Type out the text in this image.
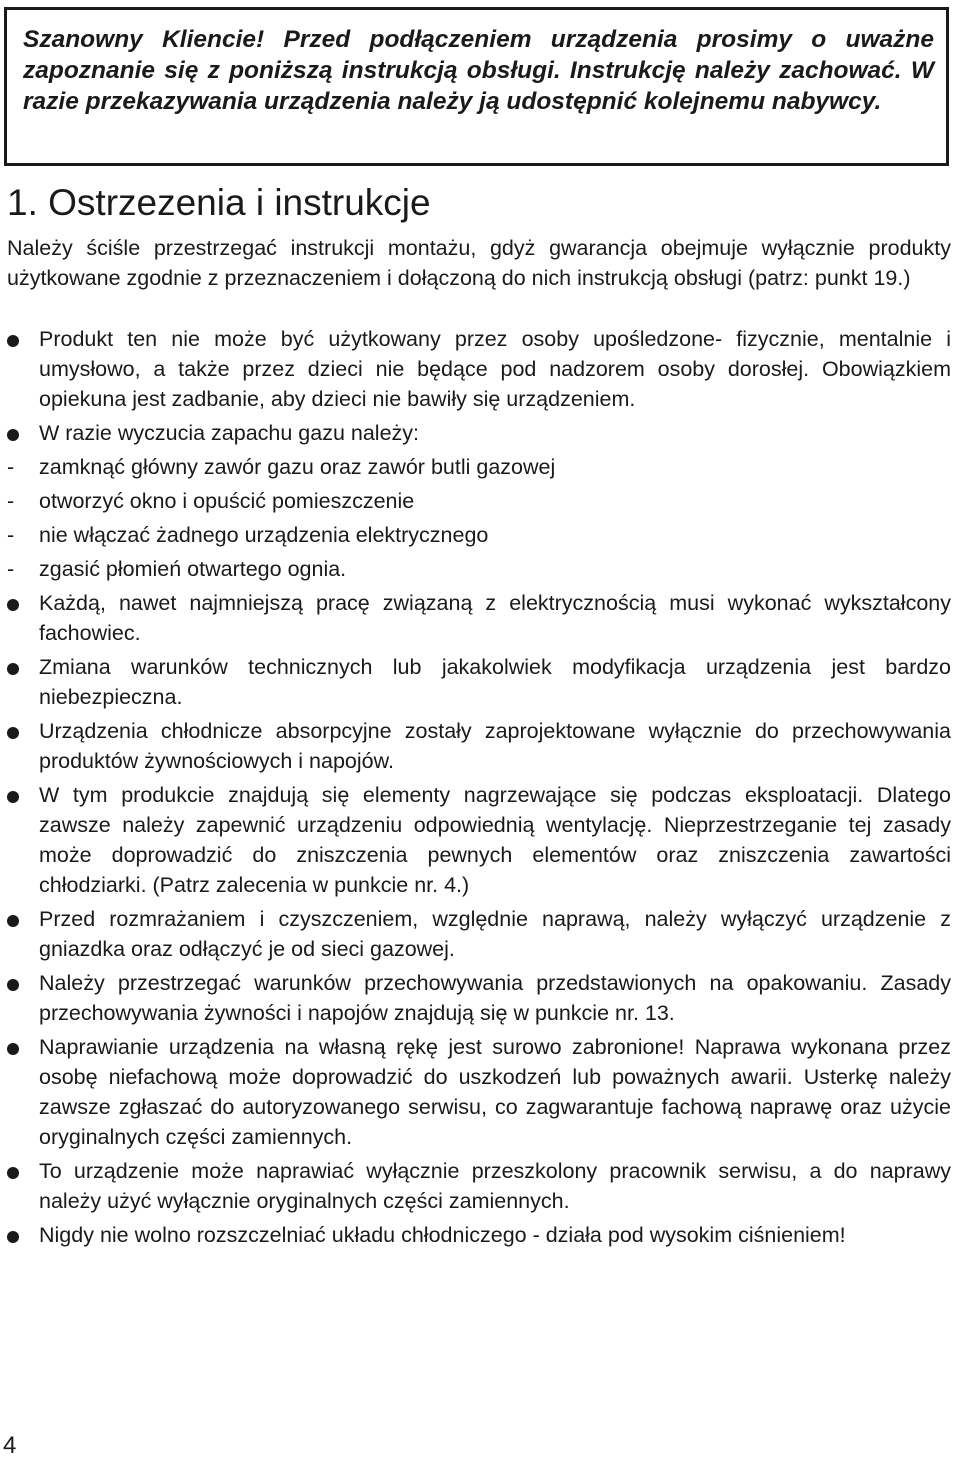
Szanowny Kliencie! Przed podłączeniem urządzenia prosimy o uważne zapoznanie się z poniższą instrukcją obsługi. Instrukcję należy zachować. W razie przekazywania urządzenia należy ją udostępnić kolejnemu nabywcy.

1. Ostrzezenia i instrukcje

Należy ściśle przestrzegać instrukcji montażu, gdyż gwarancja obejmuje wyłącznie produkty użytkowane zgodnie z przeznaczeniem i dołączoną do nich instrukcją obsługi (patrz: punkt 19.)

Produkt ten nie może być użytkowany przez osoby upośledzone- fizycznie, mentalnie i umysłowo, a także przez dzieci nie będące pod nadzorem osoby dorosłej. Obowiązkiem opiekuna jest zadbanie, aby dzieci nie bawiły się urządzeniem.
W razie wyczucia zapachu gazu należy:
- zamknąć główny zawór gazu oraz zawór butli gazowej
- otworzyć okno i opuścić pomieszczenie
- nie włączać żadnego urządzenia elektrycznego
- zgasić płomień otwartego ognia.
Każdą, nawet najmniejszą pracę związaną z elektrycznością musi wykonać wykształcony fachowiec.
Zmiana warunków technicznych lub jakakolwiek modyfikacja urządzenia jest bardzo niebezpieczna.
Urządzenia chłodnicze absorpcyjne zostały zaprojektowane wyłącznie do przechowywania produktów żywnościowych i napojów.
W tym produkcie znajdują się elementy nagrzewające się podczas eksploatacji. Dlatego zawsze należy zapewnić urządzeniu odpowiednią wentylację. Nieprzestrzeganie tej zasady może doprowadzić do zniszczenia pewnych elementów oraz zniszczenia zawartości chłodziarki. (Patrz zalecenia w punkcie nr. 4.)
Przed rozmrażaniem i czyszczeniem, względnie naprawą, należy wyłączyć urządzenie z gniazdka oraz odłączyć je od sieci gazowej.
Należy przestrzegać warunków przechowywania przedstawionych na opakowaniu. Zasady przechowywania żywności i napojów znajdują się w punkcie nr. 13.
Naprawianie urządzenia na własną rękę jest surowo zabronione! Naprawa wykonana przez osobę niefachową może doprowadzić do uszkodzeń lub poważnych awarii. Usterkę należy zawsze zgłaszać do autoryzowanego serwisu, co zagwarantuje fachową naprawę oraz użycie oryginalnych części zamiennych.
To urządzenie może naprawiać wyłącznie przeszkolony pracownik serwisu, a do naprawy należy użyć wyłącznie oryginalnych części zamiennych.
Nigdy nie wolno rozszczelniać układu chłodniczego - działa pod wysokim ciśnieniem!
4
